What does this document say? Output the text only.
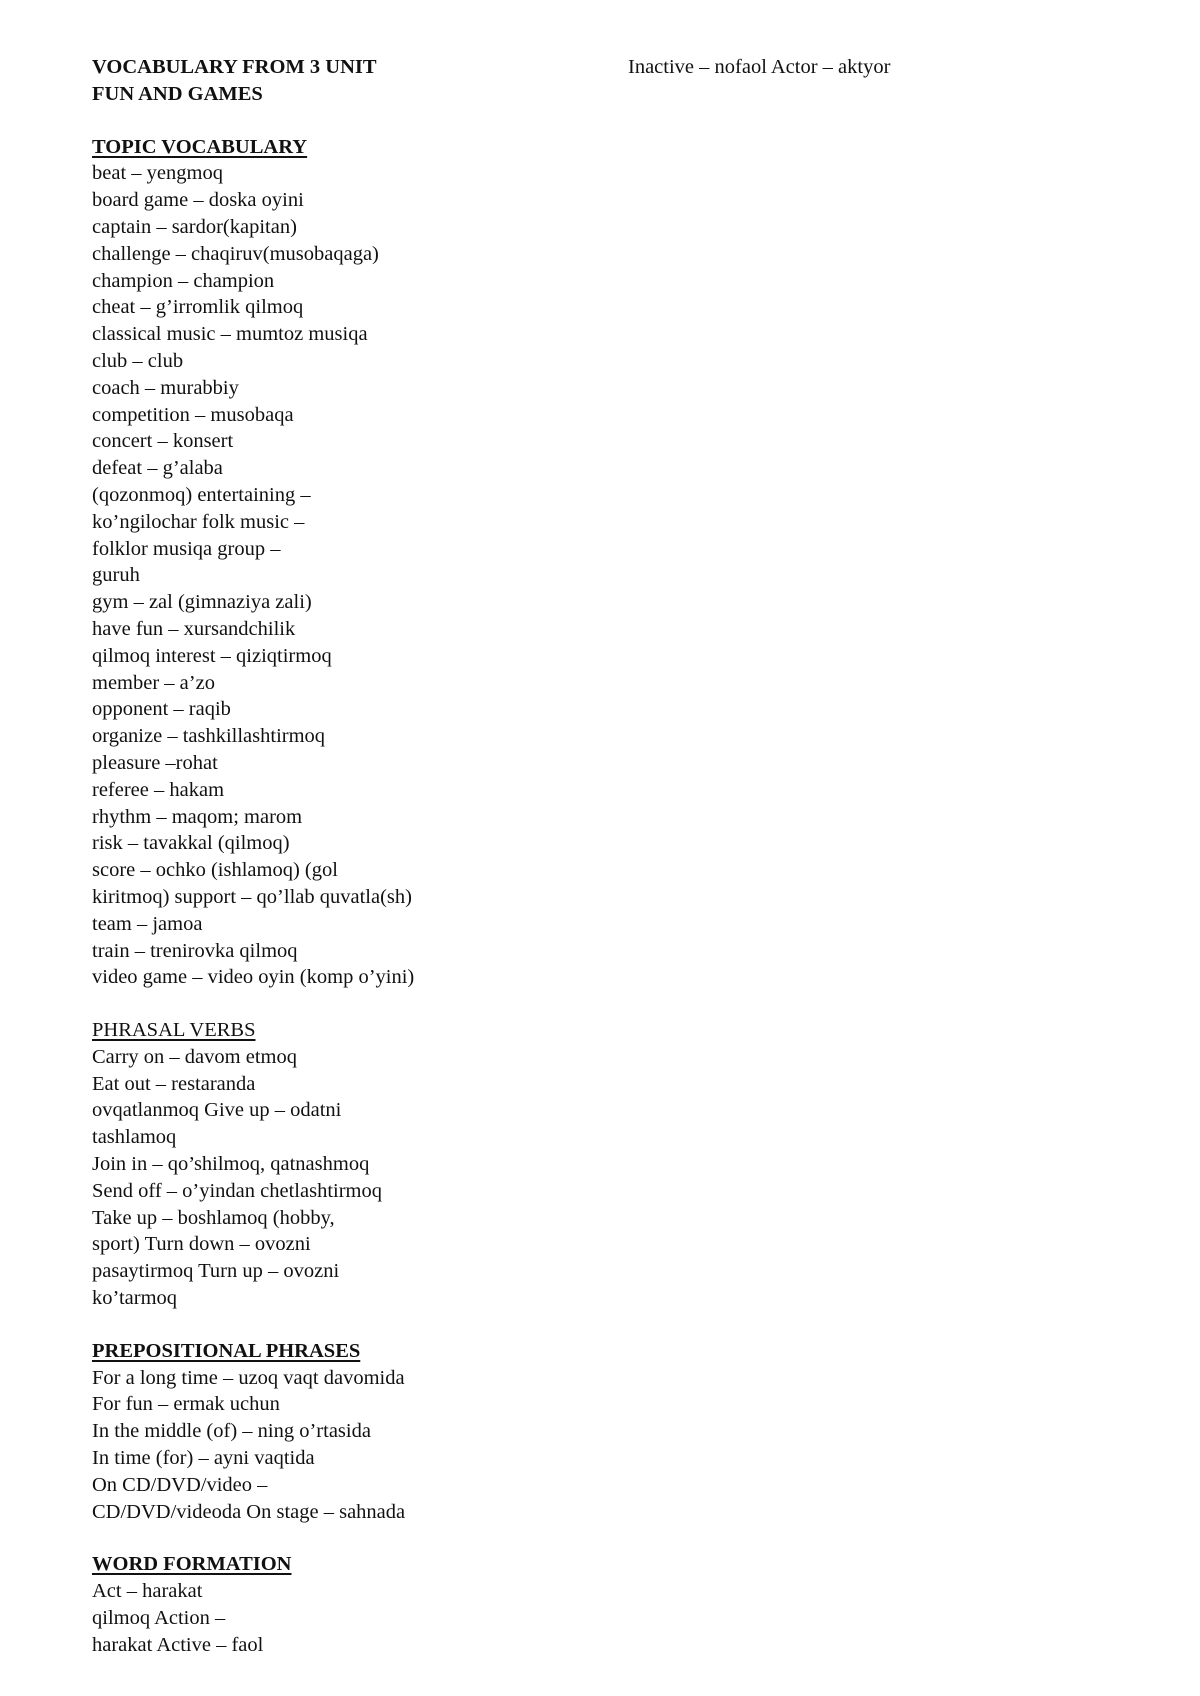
VOCABULARY FROM 3 UNIT
FUN AND GAMES
TOPIC VOCABULARY
beat – yengmoq
board game – doska oyini
captain – sardor(kapitan)
challenge – chaqiruv(musobaqaga)
champion – champion
cheat – g’irromlik qilmoq
classical music – mumtoz musiqa
club – club
coach – murabbiy
competition – musobaqa
concert – konsert
defeat – g’alaba
(qozonmoq) entertaining –
ko’ngilochar folk music –
folklor musiqa group –
guruh
gym – zal (gimnaziya zali)
have fun – xursandchilik
qilmoq interest – qiziqtirmoq
member – a’zo
opponent – raqib
organize – tashkillashtirmoq
pleasure –rohat
referee – hakam
rhythm – maqom; marom
risk – tavakkal (qilmoq)
score – ochko (ishlamoq) (gol
kiritmoq) support – qo’llab quvatla(sh)
team – jamoa
train – trenirovka qilmoq
video game – video oyin (komp o’yini)
PHRASAL VERBS
Carry on – davom etmoq
Eat out – restaranda
ovqatlanmoq Give up – odatni
tashlamoq
Join in – qo’shilmoq, qatnashmoq
Send off – o’yindan chetlashtirmoq
Take up – boshlamoq (hobby,
sport) Turn down – ovozni
pasaytirmoq Turn up – ovozni
ko’tarmoq
PREPOSITIONAL PHRASES
For a long time – uzoq vaqt davomida
For fun – ermak uchun
In the middle (of) – ning o’rtasida
In time (for) – ayni vaqtida
On CD/DVD/video –
CD/DVD/videoda On stage – sahnada
WORD FORMATION
Act – harakat
qilmoq Action –
harakat Active – faol
Inactive – nofaol Actor – aktyor
